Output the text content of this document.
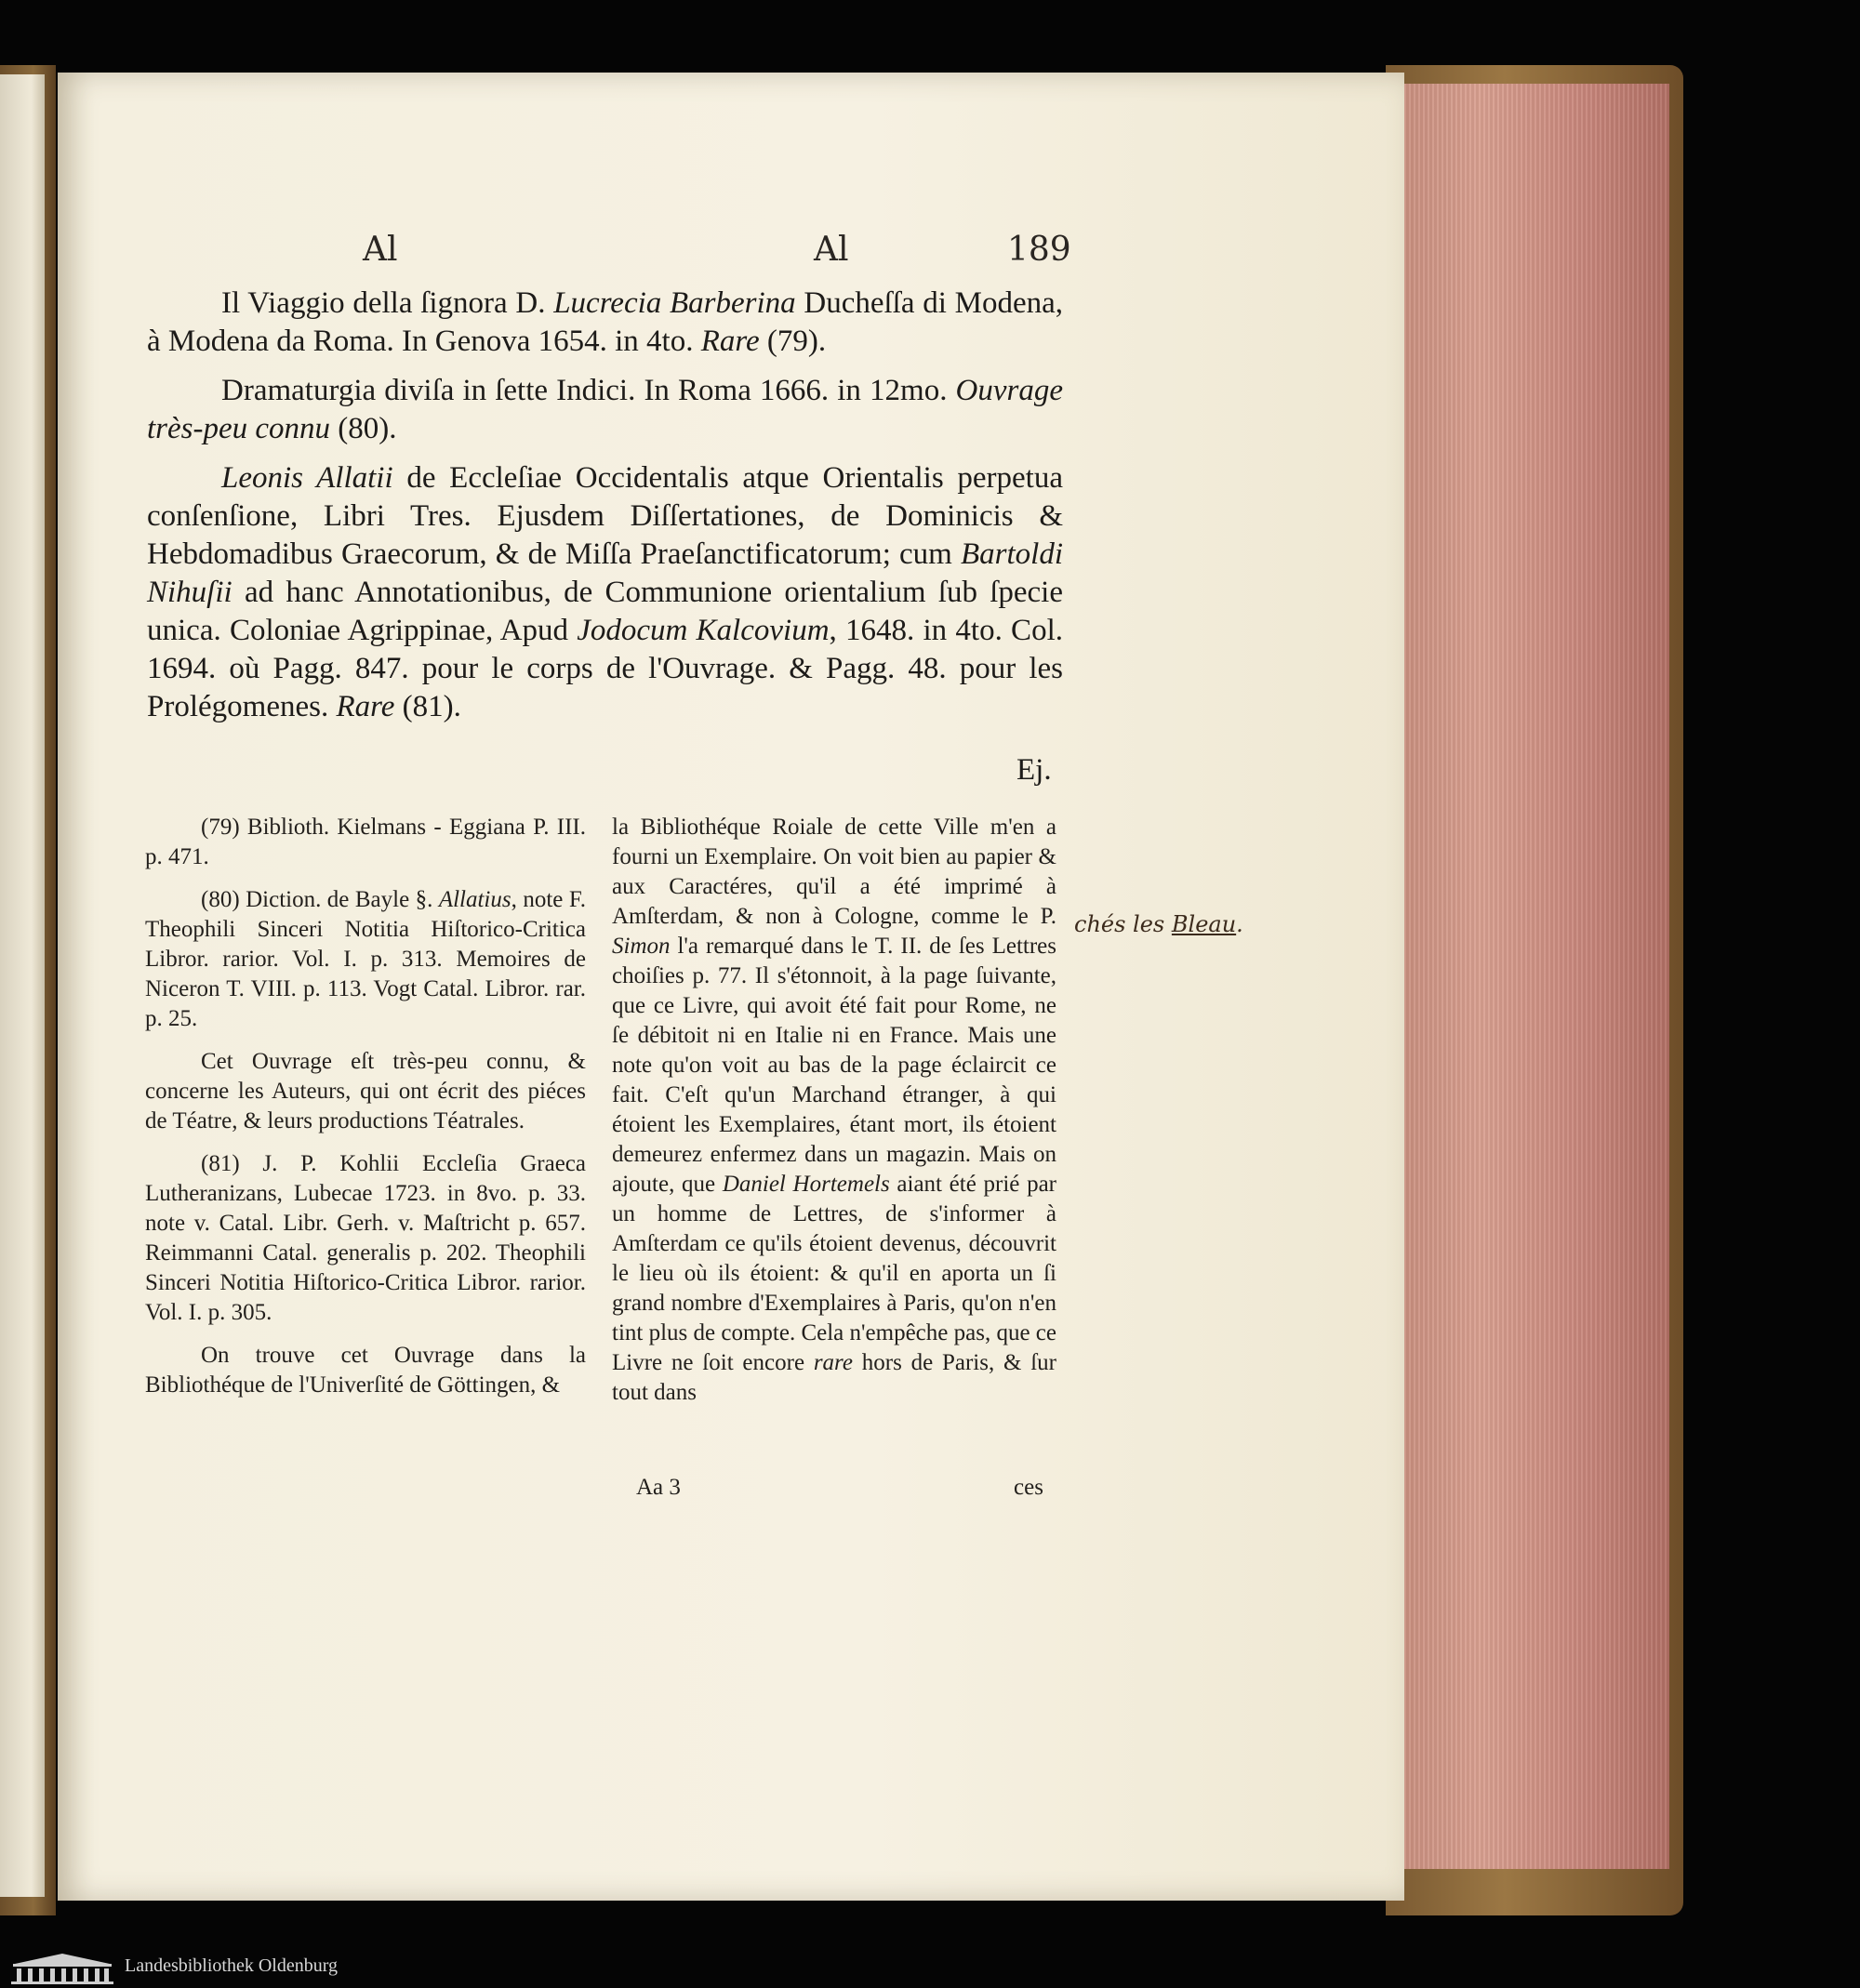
Al	Al	189

Il Viaggio della ſignora D. Lucrecia Barberina Ducheſſa di Modena, à Modena da Roma. In Genova 1654. in 4to. Rare (79).

Dramaturgia diviſa in ſette Indici. In Roma 1666. in 12mo. Ouvrage très-peu connu (80).

Leonis Allatii de Eccleſiae Occidentalis atque Orientalis perpetua conſenſione, Libri Tres. Ejusdem Diſſertationes, de Dominicis & Hebdomadibus Graecorum, & de Miſſa Praeſanctificatorum; cum Bartoldi Nihuſii ad hanc Annotationibus, de Communione orientalium ſub ſpecie unica. Coloniae Agrippinae, Apud Jodocum Kalcovium, 1648. in 4to. Col. 1694. où Pagg. 847. pour le corps de l'Ouvrage. & Pagg. 48. pour les Prolégomenes. Rare (81).

Ej.

(79) Biblioth. Kielmans - Eggiana P. III. p. 471.

(80) Diction. de Bayle §. Allatius, note F. Theophili Sinceri Notitia Hiſtorico-Critica Libror. rarior. Vol. I. p. 313. Memoires de Niceron T. VIII. p. 113. Vogt Catal. Libror. rar. p. 25.

Cet Ouvrage eſt très-peu connu, & concerne les Auteurs, qui ont écrit des piéces de Téatre, & leurs productions Téatrales.

(81) J. P. Kohlii Eccleſia Graeca Lutheranizans, Lubecae 1723. in 8vo. p. 33. note v. Catal. Libr. Gerh. v. Maſtricht p. 657. Reimmanni Catal. generalis p. 202. Theophili Sinceri Notitia Hiſtorico-Critica Libror. rarior. Vol. I. p. 305.

On trouve cet Ouvrage dans la Bibliothéque de l'Univerſité de Göttingen, &

la Bibliothéque Roiale de cette Ville m'en a fourni un Exemplaire. On voit bien au papier & aux Caractéres, qu'il a été imprimé à Amſterdam, & non à Cologne, comme le P. Simon l'a remarqué dans le T. II. de ſes Lettres choiſies p. 77. Il s'étonnoit, à la page ſuivante, que ce Livre, qui avoit été fait pour Rome, ne ſe débitoit ni en Italie ni en France. Mais une note qu'on voit au bas de la page éclaircit ce fait. C'eſt qu'un Marchand étranger, à qui étoient les Exemplaires, étant mort, ils étoient demeurez enfermez dans un magazin. Mais on ajoute, que Daniel Hortemels aiant été prié par un homme de Lettres, de s'informer à Amſterdam ce qu'ils étoient devenus, découvrit le lieu où ils étoient: & qu'il en aporta un ſi grand nombre d'Exemplaires à Paris, qu'on n'en tint plus de compte. Cela n'empêche pas, que ce Livre ne ſoit encore rare hors de Paris, & ſur tout dans

Aa 3	ces
chés les Bleau.
Landesbibliothek Oldenburg
